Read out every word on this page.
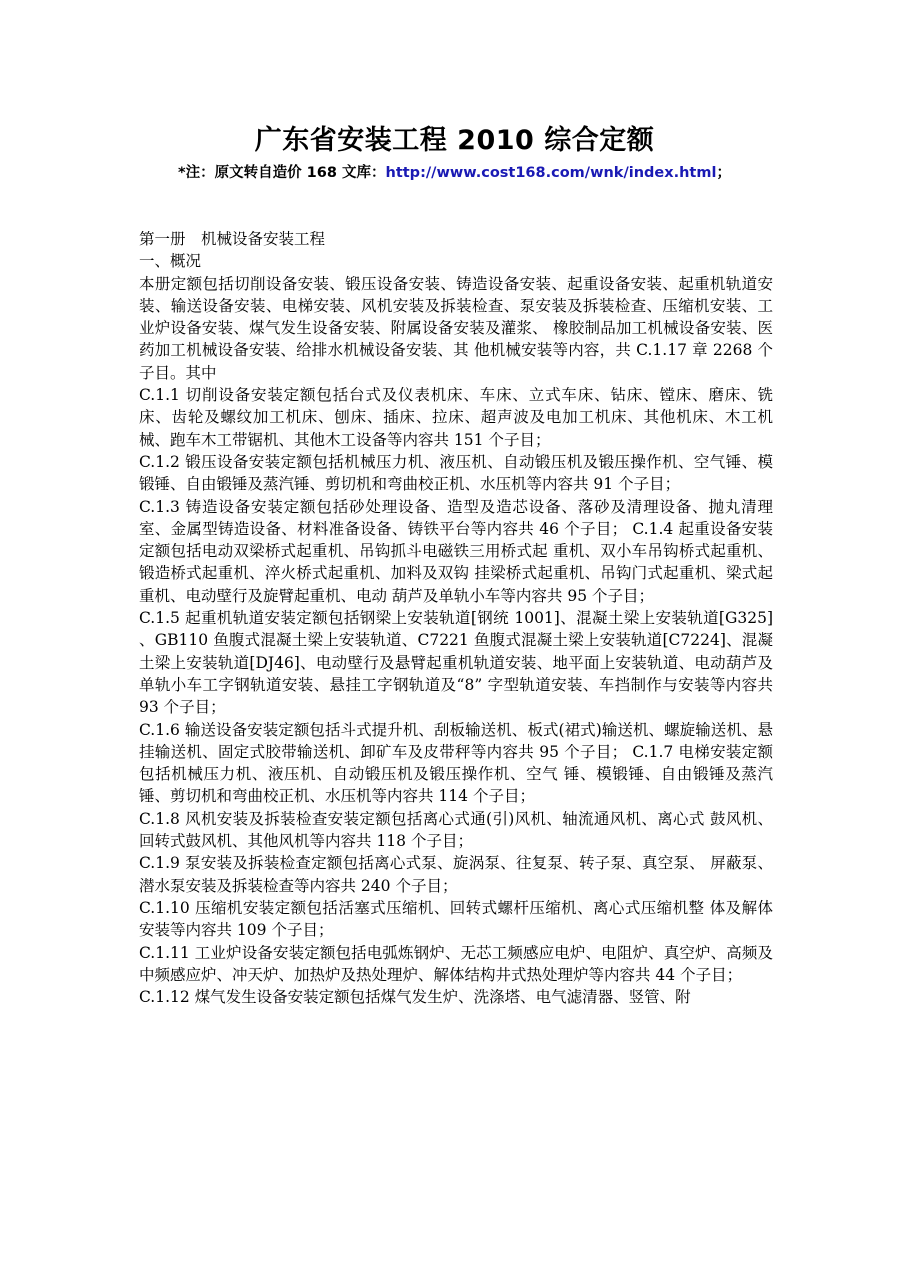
广东省安装工程 2010 综合定额
*注：原文转自造价 168 文库：http://www.cost168.com/wnk/index.html；

第一册　机械设备安装工程

一、概况

本册定额包括切削设备安装、锻压设备安装、铸造设备安装、起重设备安装、起重机轨道安装、输送设备安装、电梯安装、风机安装及拆装检查、泵安装及拆装检查、压缩机安装、工业炉设备安装、煤气发生设备安装、附属设备安装及灌浆、 橡胶制品加工机械设备安装、医药加工机械设备安装、给排水机械设备安装、其 他机械安装等内容，共 C.1.17 章 2268 个子目。其中

C.1.1 切削设备安装定额包括台式及仪表机床、车床、立式车床、钻床、镗床、磨床、铣床、齿轮及螺纹加工机床、刨床、插床、拉床、超声波及电加工机床、其他机床、木工机械、跑车木工带锯机、其他木工设备等内容共 151 个子目；

C.1.2 锻压设备安装定额包括机械压力机、液压机、自动锻压机及锻压操作机、空气锤、模锻锤、自由锻锤及蒸汽锤、剪切机和弯曲校正机、水压机等内容共 91 个子目；

C.1.3 铸造设备安装定额包括砂处理设备、造型及造芯设备、落砂及清理设备、抛丸清理室、金属型铸造设备、材料准备设备、铸铁平台等内容共 46 个子目； C.1.4 起重设备安装定额包括电动双梁桥式起重机、吊钩抓斗电磁铁三用桥式起 重机、双小车吊钩桥式起重机、锻造桥式起重机、淬火桥式起重机、加料及双钩 挂梁桥式起重机、吊钩门式起重机、梁式起重机、电动壁行及旋臂起重机、电动 葫芦及单轨小车等内容共 95 个子目；

C.1.5 起重机轨道安装定额包括钢梁上安装轨道[钢统 1001]、混凝土梁上安装轨道[G325] 、GB110 鱼腹式混凝土梁上安装轨道、C7221 鱼腹式混凝土梁上安装轨道[C7224]、混凝土梁上安装轨道[DJ46]、电动壁行及悬臂起重机轨道安装、地平面上安装轨道、电动葫芦及单轨小车工字钢轨道安装、悬挂工字钢轨道及“8” 字型轨道安装、车挡制作与安装等内容共 93 个子目；

C.1.6 输送设备安装定额包括斗式提升机、刮板输送机、板式(裙式)输送机、螺旋输送机、悬挂输送机、固定式胶带输送机、卸矿车及皮带秤等内容共 95 个子目； C.1.7 电梯安装定额包括机械压力机、液压机、自动锻压机及锻压操作机、空气 锤、模锻锤、自由锻锤及蒸汽锤、剪切机和弯曲校正机、水压机等内容共 114 个子目；

C.1.8 风机安装及拆装检查安装定额包括离心式通(引)风机、轴流通风机、离心式 鼓风机、回转式鼓风机、其他风机等内容共 118 个子目；

C.1.9 泵安装及拆装检查定额包括离心式泵、旋涡泵、往复泵、转子泵、真空泵、 屏蔽泵、潜水泵安装及拆装检查等内容共 240 个子目；

C.1.10 压缩机安装定额包括活塞式压缩机、回转式螺杆压缩机、离心式压缩机整 体及解体安装等内容共 109 个子目；

C.1.11 工业炉设备安装定额包括电弧炼钢炉、无芯工频感应电炉、电阻炉、真空炉、高频及中频感应炉、冲天炉、加热炉及热处理炉、解体结构井式热处理炉等内容共 44 个子目；

C.1.12 煤气发生设备安装定额包括煤气发生炉、洗涤塔、电气滤清器、竖管、附
